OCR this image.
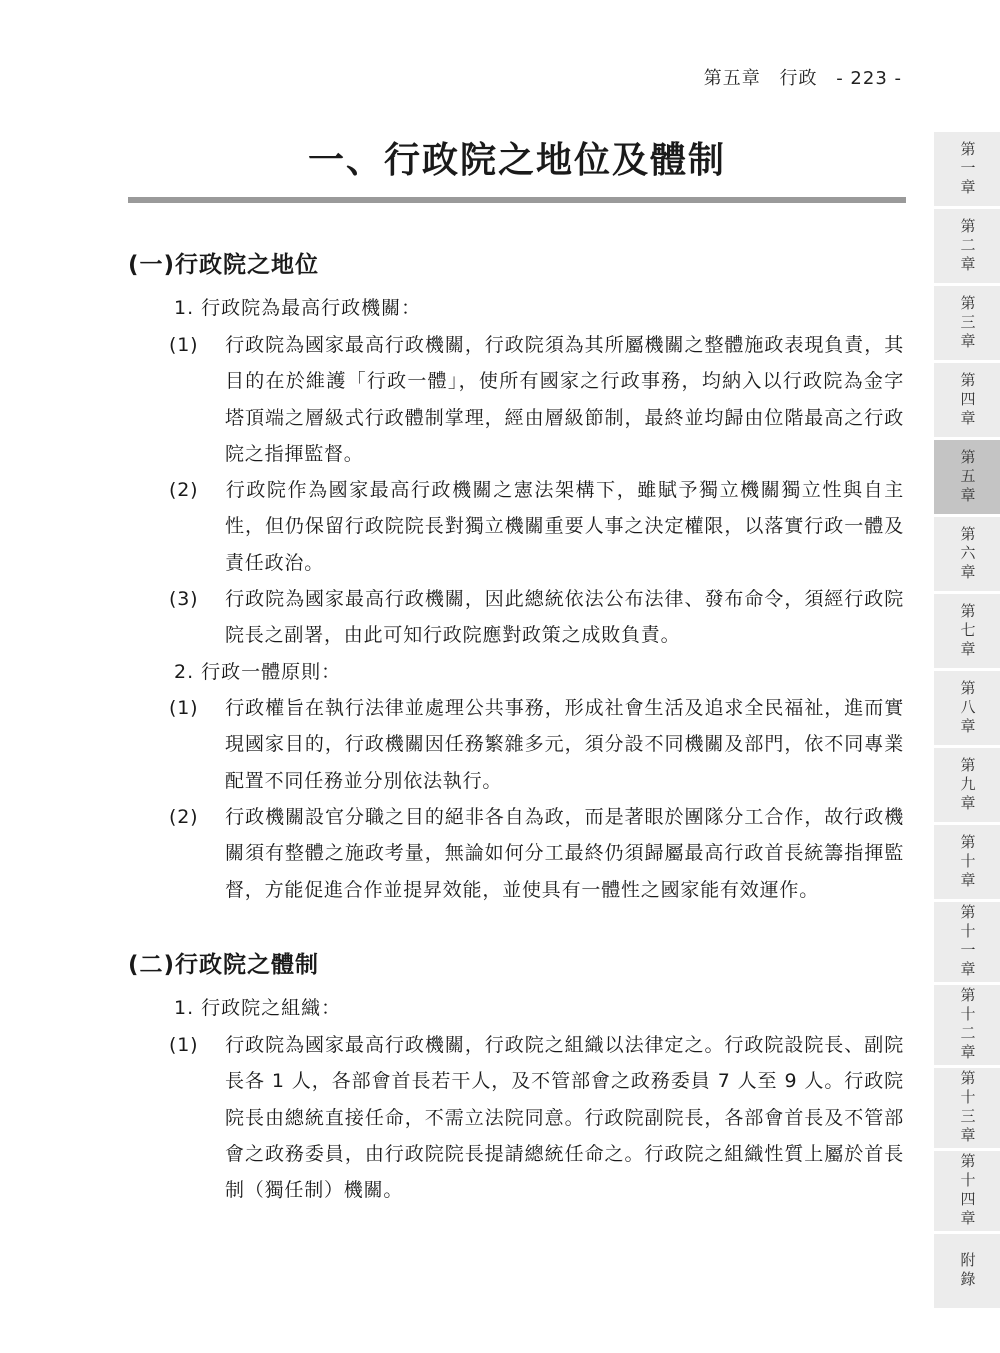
第五章 行政 - 223 -
一、行政院之地位及體制
(一)行政院之地位
1. 行政院為最高行政機關：
(1) 行政院為國家最高行政機關，行政院須為其所屬機關之整體施政表現負責，其目的在於維護「行政一體」，使所有國家之行政事務，均納入以行政院為金字塔頂端之層級式行政體制掌理，經由層級節制，最終並均歸由位階最高之行政院之指揮監督。
(2) 行政院作為國家最高行政機關之憲法架構下，雖賦予獨立機關獨立性與自主性，但仍保留行政院院長對獨立機關重要人事之決定權限，以落實行政一體及責任政治。
(3) 行政院為國家最高行政機關，因此總統依法公布法律、發布命令，須經行政院院長之副署，由此可知行政院應對政策之成敗負責。
2. 行政一體原則：
(1) 行政權旨在執行法律並處理公共事務，形成社會生活及追求全民福祉，進而實現國家目的，行政機關因任務繁雜多元，須分設不同機關及部門，依不同專業配置不同任務並分別依法執行。
(2) 行政機關設官分職之目的絕非各自為政，而是著眼於團隊分工合作，故行政機關須有整體之施政考量，無論如何分工最終仍須歸屬最高行政首長統籌指揮監督，方能促進合作並提昇效能，並使具有一體性之國家能有效運作。
(二)行政院之體制
1. 行政院之組織：
(1) 行政院為國家最高行政機關，行政院之組織以法律定之。行政院設院長、副院長各 1 人，各部會首長若干人，及不管部會之政務委員 7 人至 9 人。行政院院長由總統直接任命，不需立法院同意。行政院副院長，各部會首長及不管部會之政務委員，由行政院院長提請總統任命之。行政院之組織性質上屬於首長制（獨任制）機關。
第一章
第二章
第三章
第四章
第五章
第六章
第七章
第八章
第九章
第十章
第十一章
第十二章
第十三章
第十四章
附錄
